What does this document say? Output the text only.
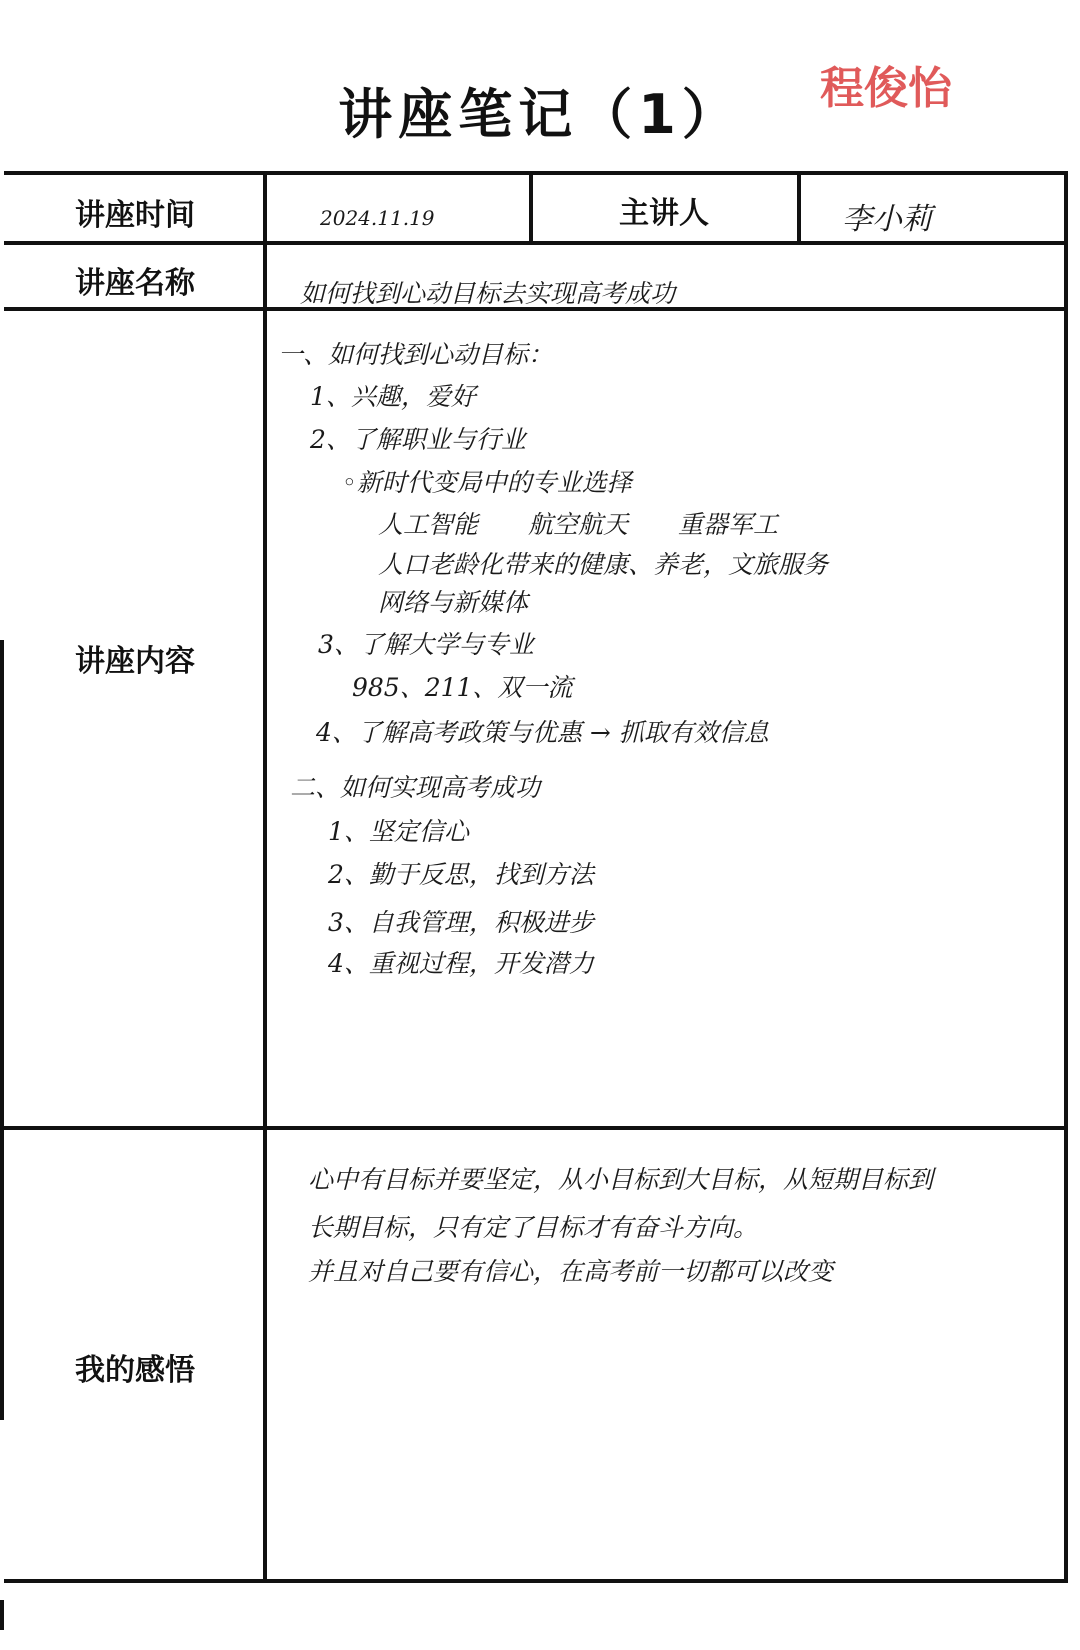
讲座笔记（1）	程俊怡
讲座时间	2024.11.19	主讲人	李小莉
讲座名称	如何找到心动目标去实现高考成功
讲座内容
一、如何找到心动目标：
1、兴趣，爱好
2、了解职业与行业
◦新时代变局中的专业选择
人工智能　　航空航天　　重器军工
人口老龄化带来的健康、养老，文旅服务
网络与新媒体
3、了解大学与专业
985、211、双一流
4、了解高考政策与优惠 → 抓取有效信息
二、如何实现高考成功
1、坚定信心
2、勤于反思，找到方法
3、自我管理，积极进步
4、重视过程，开发潜力
我的感悟
心中有目标并要坚定，从小目标到大目标，从短期目标到
长期目标，只有定了目标才有奋斗方向。
并且对自己要有信心，在高考前一切都可以改变
